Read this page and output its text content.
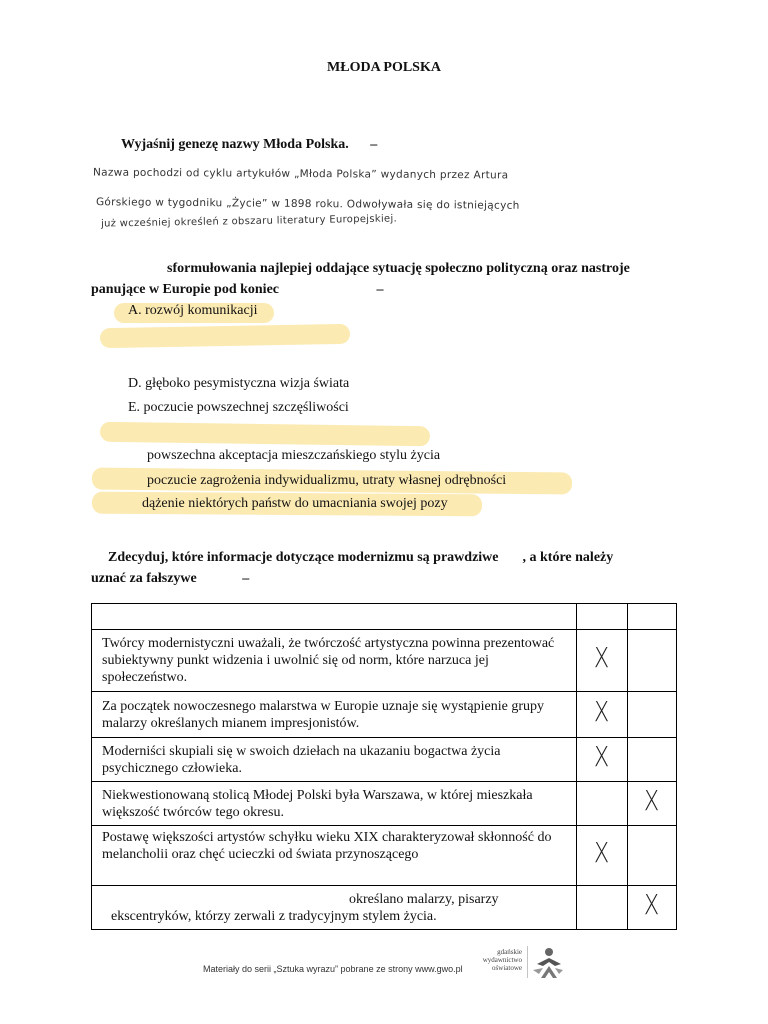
MŁODA POLSKA
Wyjaśnij genezę nazwy Młoda Polska. –
Nazwa pochodzi od cyklu artykułów „Młoda Polska” wydanych przez Artura
Górskiego w tygodniku „Życie” w 1898 roku. Odwoływała się do istniejących
już wcześniej określeń z obszaru literatury Europejskiej.
sformułowania najlepiej oddające sytuację społeczno polityczną oraz nastroje
panujące w Europie pod koniec	–
A. rozwój komunikacji
D. głęboko pesymistyczna wizja świata
E. poczucie powszechnej szczęśliwości
powszechna akceptacja mieszczańskiego stylu życia
poczucie zagrożenia indywidualizmu, utraty własnej odrębności
dążenie niektórych państw do umacniania swojej pozy
Zdecyduj, które informacje dotyczące modernizmu są prawdziwe , a które należy
uznać za fałszywe	–

Twórcy modernistyczni uważali, że twórczość artystyczna powinna prezentować subiektywny punkt widzenia i uwolnić się od norm, które narzuca jej społeczeństwo.	X	
Za początek nowoczesnego malarstwa w Europie uznaje się wystąpienie grupy malarzy określanych mianem impresjonistów.	X	
Moderniści skupiali się w swoich dziełach na ukazaniu bogactwa życia psychicznego człowieka.	X	
Niekwestionowaną stolicą Młodej Polski była Warszawa, w której mieszkała większość twórców tego okresu.		X
Postawę większości artystów schyłku wieku XIX charakteryzował skłonność do melancholii oraz chęć ucieczki od świata przynoszącego	X	

określano malarzy, pisarzy
ekscentryków, którzy zerwali z tradycyjnym stylem życia.		X
Materiały do serii „Sztuka wyrazu” pobrane ze strony www.gwo.pl
gdańskie
wydawnictwo
oświatowe
